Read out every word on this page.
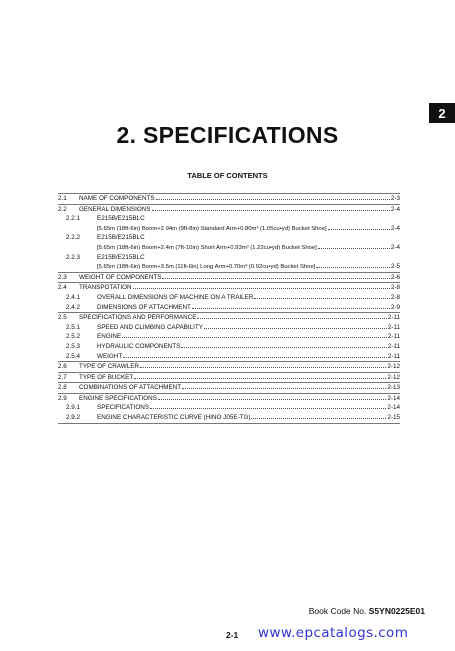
2
2. SPECIFICATIONS
TABLE OF CONTENTS
2.1	NAME OF COMPONENTS	2-3
2.2	GENERAL DIMENSIONS	2-4
2.2.1	E215B/E215BLC
[5.65m (18ft-6in) Boom+2.94m (9ft-8in) Standard Arm+0.80m³ (1.05cu•yd) Bucket Shoe]	2-4
2.2.2	E215B/E215BLC
[5.65m (18ft-6in) Boom+2.4m (7ft-10in) Short Arm+0.93m³ (1.22cu•yd) Bucket Shoe]	2-4
2.2.3	E215B/E215BLC
[5.65m (18ft-6in) Boom+3.5m (11ft-6in) Long Arm+0.70m³ (0.92cu•yd) Bucket Shoe]	2-5
2.3	WEIGHT OF COMPONENTS	2-6
2.4	TRANSPOTATION	2-8
2.4.1	OVERALL DIMENSIONS OF MACHINE ON A TRAILER	2-8
2.4.2	DIMENSIONS OF ATTACHMENT	2-9
2.5	SPECIFICATIONS AND PERFORMANCE	2-11
2.5.1	SPEED AND CLIMBING CAPABILITY	2-11
2.5.2	ENGINE	2-11
2.5.3	HYDRAULIC COMPONENTS	2-11
2.5.4	WEIGHT	2-11
2.6	TYPE OF CRAWLER	2-12
2.7	TYPE OF BUCKET	2-12
2.8	COMBINATIONS OF ATTACHMENT	2-13
2.9	ENGINE SPECIFICATIONS	2-14
2.9.1	SPECIFICATIONS	2-14
2.9.2	ENGINE CHARACTERISTIC CURVE (HINO J05E-TG)	2-15
Book Code No. S5YN0225E01
2-1 www.epcatalogs.com
